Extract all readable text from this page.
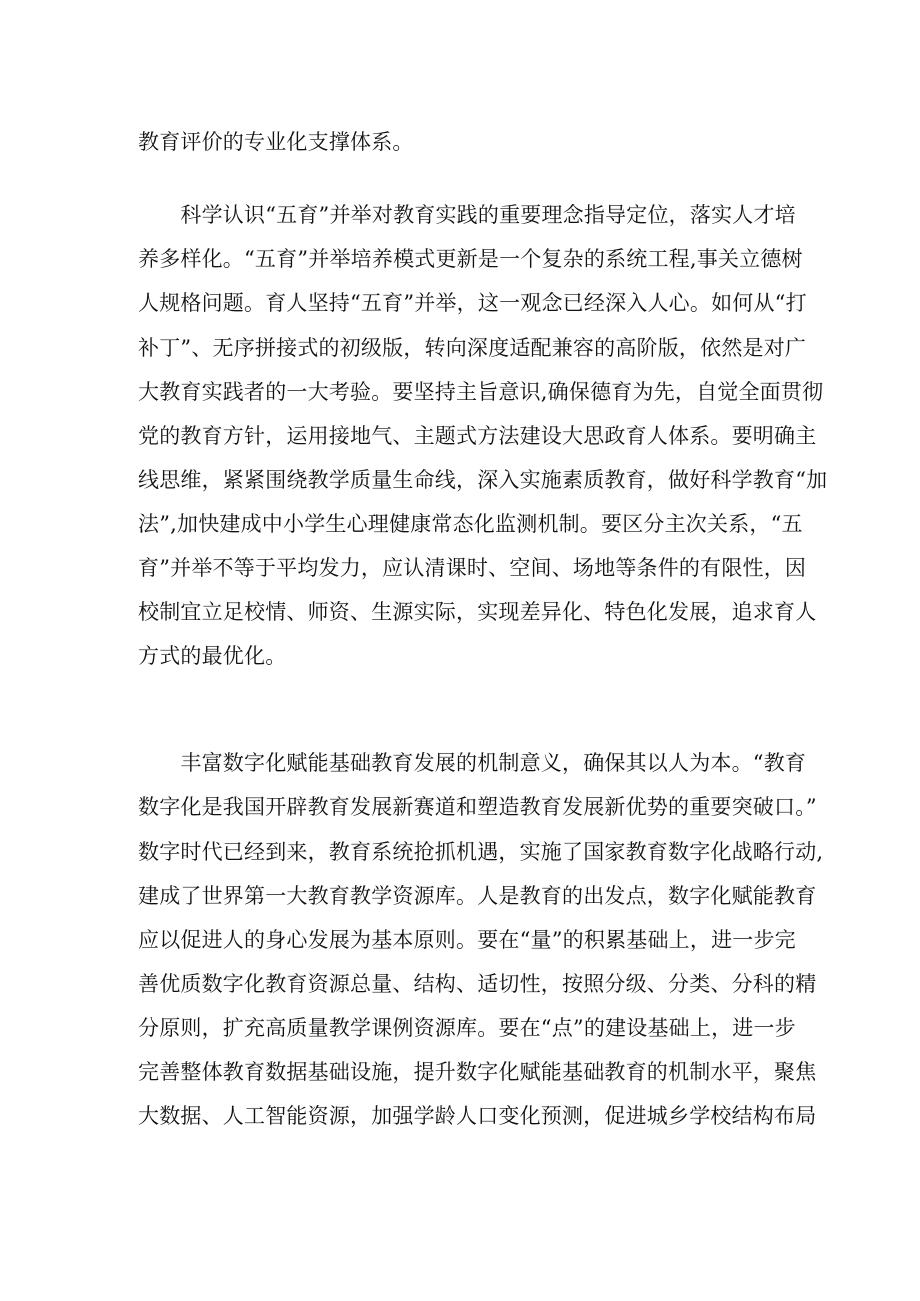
教育评价的专业化支撑体系。
　　科学认识“五育”并举对教育实践的重要理念指导定位，落实人才培
养多样化。“五育”并举培养模式更新是一个复杂的系统工程,事关立德树
人规格问题。育人坚持“五育”并举，这一观念已经深入人心。如何从“打
补丁”、无序拼接式的初级版，转向深度适配兼容的高阶版，依然是对广
大教育实践者的一大考验。要坚持主旨意识,确保德育为先，自觉全面贯彻
党的教育方针，运用接地气、主题式方法建设大思政育人体系。要明确主
线思维，紧紧围绕教学质量生命线，深入实施素质教育，做好科学教育“加
法”,加快建成中小学生心理健康常态化监测机制。要区分主次关系，“五
育”并举不等于平均发力，应认清课时、空间、场地等条件的有限性，因
校制宜立足校情、师资、生源实际，实现差异化、特色化发展，追求育人
方式的最优化。
　　丰富数字化赋能基础教育发展的机制意义，确保其以人为本。“教育
数字化是我国开辟教育发展新赛道和塑造教育发展新优势的重要突破口。”
数字时代已经到来，教育系统抢抓机遇，实施了国家教育数字化战略行动,
建成了世界第一大教育教学资源库。人是教育的出发点，数字化赋能教育
应以促进人的身心发展为基本原则。要在“量”的积累基础上，进一步完
善优质数字化教育资源总量、结构、适切性，按照分级、分类、分科的精
分原则，扩充高质量教学课例资源库。要在“点”的建设基础上，进一步
完善整体教育数据基础设施，提升数字化赋能基础教育的机制水平，聚焦
大数据、人工智能资源，加强学龄人口变化预测，促进城乡学校结构布局
